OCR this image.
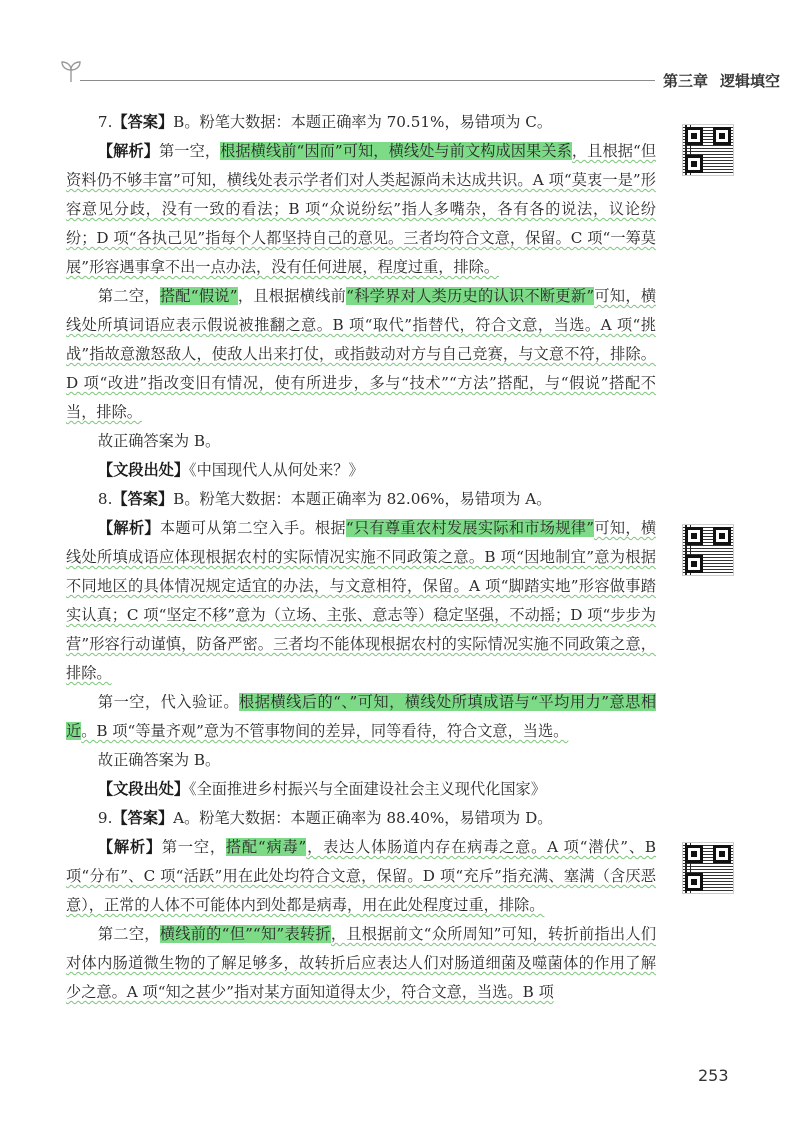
第三章 逻辑填空

7.【答案】B。粉笔大数据：本题正确率为 70.51%，易错项为 C。

【解析】第一空，根据横线前“因而”可知，横线处与前文构成因果关系，且根据“但资料仍不够丰富”可知，横线处表示学者们对人类起源尚未达成共识。A 项“莫衷一是”形容意见分歧，没有一致的看法；B 项“众说纷纭”指人多嘴杂，各有各的说法，议论纷纷；D 项“各执己见”指每个人都坚持自己的意见。三者均符合文意，保留。C 项“一筹莫展”形容遇事拿不出一点办法，没有任何进展，程度过重，排除。

第二空，搭配“假说”，且根据横线前“科学界对人类历史的认识不断更新”可知，横线处所填词语应表示假说被推翻之意。B 项“取代”指替代，符合文意，当选。A 项“挑战”指故意激怒敌人，使敌人出来打仗，或指鼓动对方与自己竞赛，与文意不符，排除。D 项“改进”指改变旧有情况，使有所进步，多与“技术”“方法”搭配，与“假说”搭配不当，排除。

故正确答案为 B。

【文段出处】《中国现代人从何处来？》

8.【答案】B。粉笔大数据：本题正确率为 82.06%，易错项为 A。

【解析】本题可从第二空入手。根据“只有尊重农村发展实际和市场规律”可知，横线处所填成语应体现根据农村的实际情况实施不同政策之意。B 项“因地制宜”意为根据不同地区的具体情况规定适宜的办法，与文意相符，保留。A 项“脚踏实地”形容做事踏实认真；C 项“坚定不移”意为（立场、主张、意志等）稳定坚强，不动摇；D 项“步步为营”形容行动谨慎，防备严密。三者均不能体现根据农村的实际情况实施不同政策之意，排除。

第一空，代入验证。根据横线后的“、”可知，横线处所填成语与“平均用力”意思相近。B 项“等量齐观”意为不管事物间的差异，同等看待，符合文意，当选。

故正确答案为 B。

【文段出处】《全面推进乡村振兴与全面建设社会主义现代化国家》

9.【答案】A。粉笔大数据：本题正确率为 88.40%，易错项为 D。

【解析】第一空，搭配“病毒”，表达人体肠道内存在病毒之意。A 项“潜伏”、B 项“分布”、C 项“活跃”用在此处均符合文意，保留。D 项“充斥”指充满、塞满（含厌恶意），正常的人体不可能体内到处都是病毒，用在此处程度过重，排除。

第二空，横线前的“但”“知”表转折，且根据前文“众所周知”可知，转折前指出人们对体内肠道微生物的了解足够多，故转折后应表达人们对肠道细菌及噬菌体的作用了解少之意。A 项“知之甚少”指对某方面知道得太少，符合文意，当选。B 项

253
